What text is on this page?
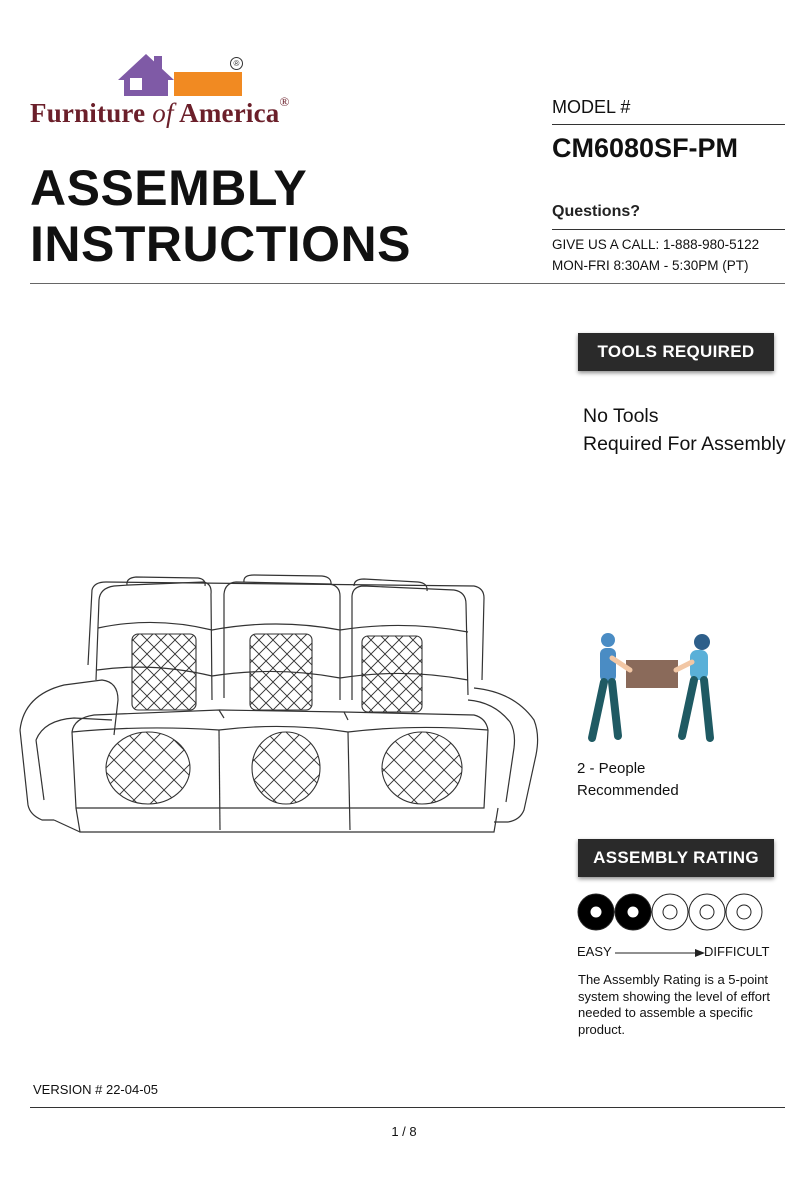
®
Furniture of America®
ASSEMBLY
INSTRUCTIONS
MODEL #
CM6080SF-PM
Questions?
GIVE US A CALL: 1-888-980-5122
MON-FRI 8:30AM - 5:30PM (PT)
TOOLS REQUIRED
No Tools
Required For Assembly
2 - People
Recommended
ASSEMBLY RATING
EASY	DIFFICULT
The Assembly Rating is a 5-point system showing the level of effort needed to assemble a specific product.
VERSION # 22-04-05
1 / 8
